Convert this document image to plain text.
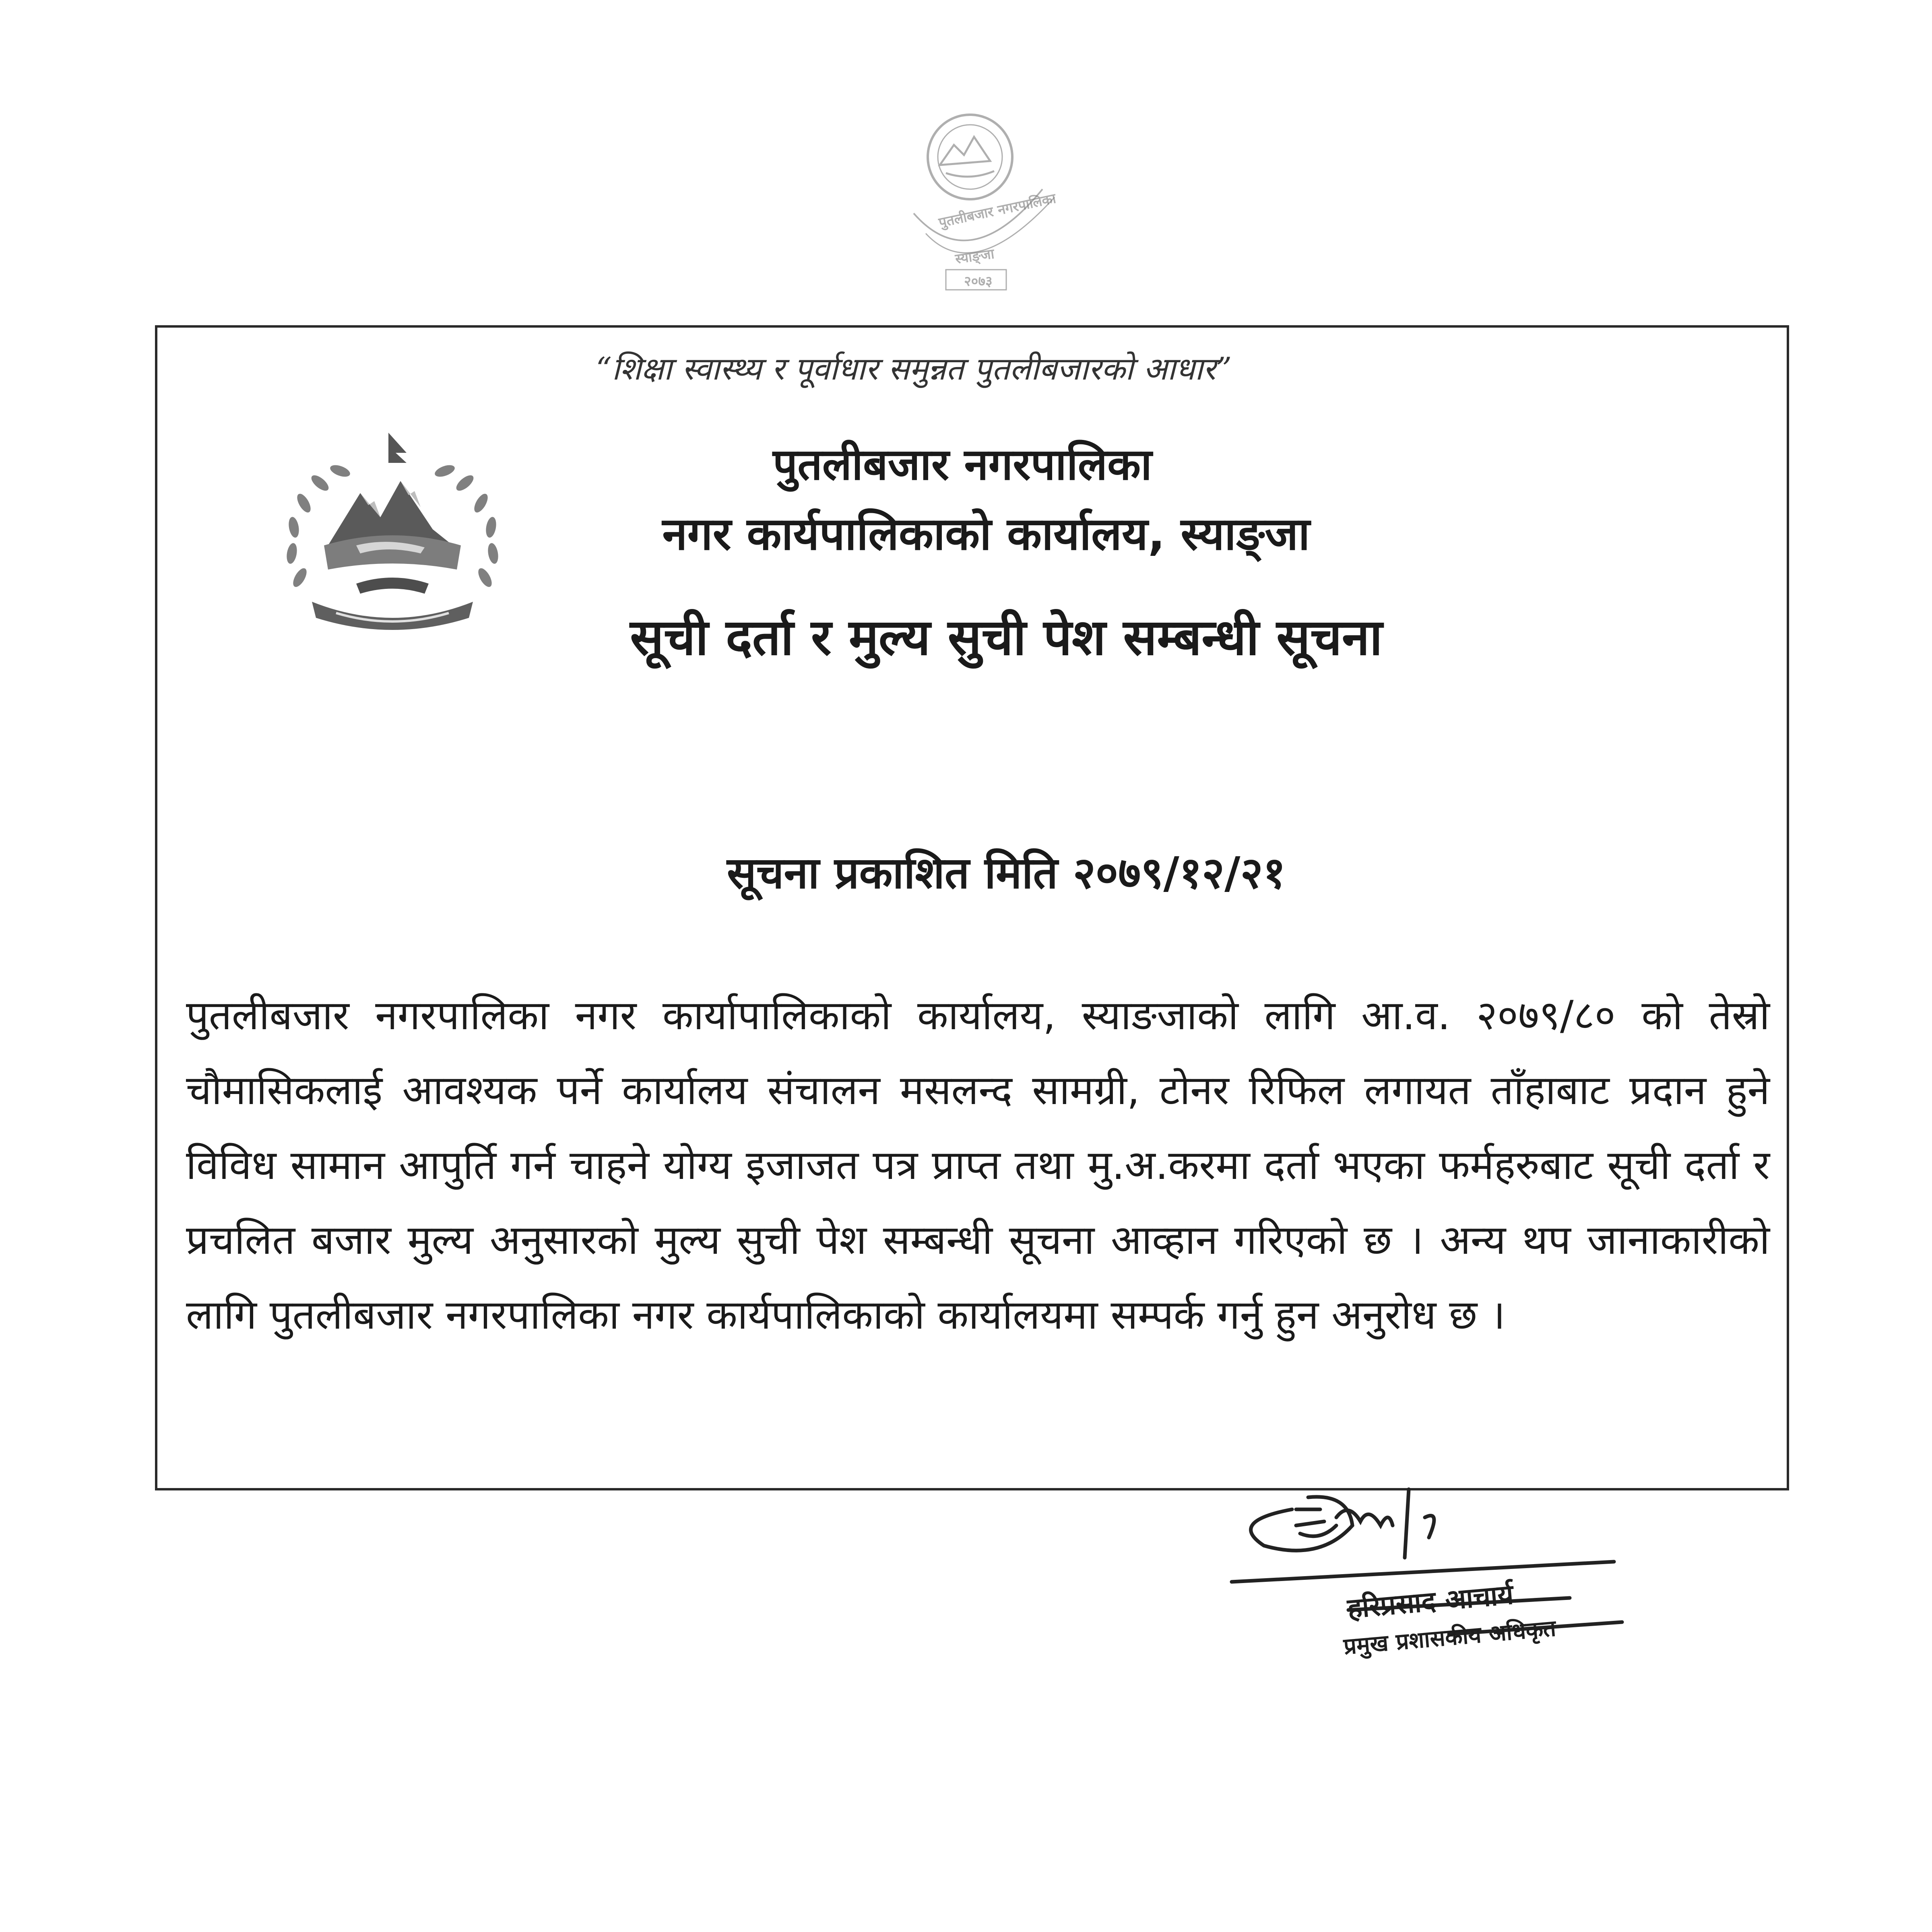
पुतलीबजार नगरपालिका
स्याङ्जा
२०७३
“शिक्षा स्वास्थ्य र पूर्वाधार समुन्नत पुतलीबजारको आधार”
पुतलीबजार नगरपालिका
नगर कार्यपालिकाको कार्यालय, स्याङ्जा
सूची दर्ता र मुल्य सुची पेश सम्बन्धी सूचना
सूचना प्रकाशित मिति २०७९/१२/२१
पुतलीबजार नगरपालिका नगर कार्यापालिकाको कार्यालय, स्याङजाको लागि आ.व. २०७९/८० को तेस्रो चौमासिकलाई आवश्यक पर्ने कार्यालय संचालन मसलन्द सामग्री, टोनर रिफिल लगायत ताँहाबाट प्रदान हुने विविध सामान आपुर्ति गर्न चाहने योग्य इजाजत पत्र प्राप्त तथा मु.अ.करमा दर्ता भएका फर्महरुबाट सूची दर्ता र प्रचलित बजार मुल्य अनुसारको मुल्य सुची पेश सम्बन्धी सूचना आव्हान गरिएको छ । अन्य थप जानाकारीको लागि पुतलीबजार नगरपालिका नगर कार्यपालिकाको कार्यालयमा सम्पर्क गर्नु हुन अनुरोध छ ।
हरिप्रसाद आचार्य
प्रमुख प्रशासकीय अधिकृत
